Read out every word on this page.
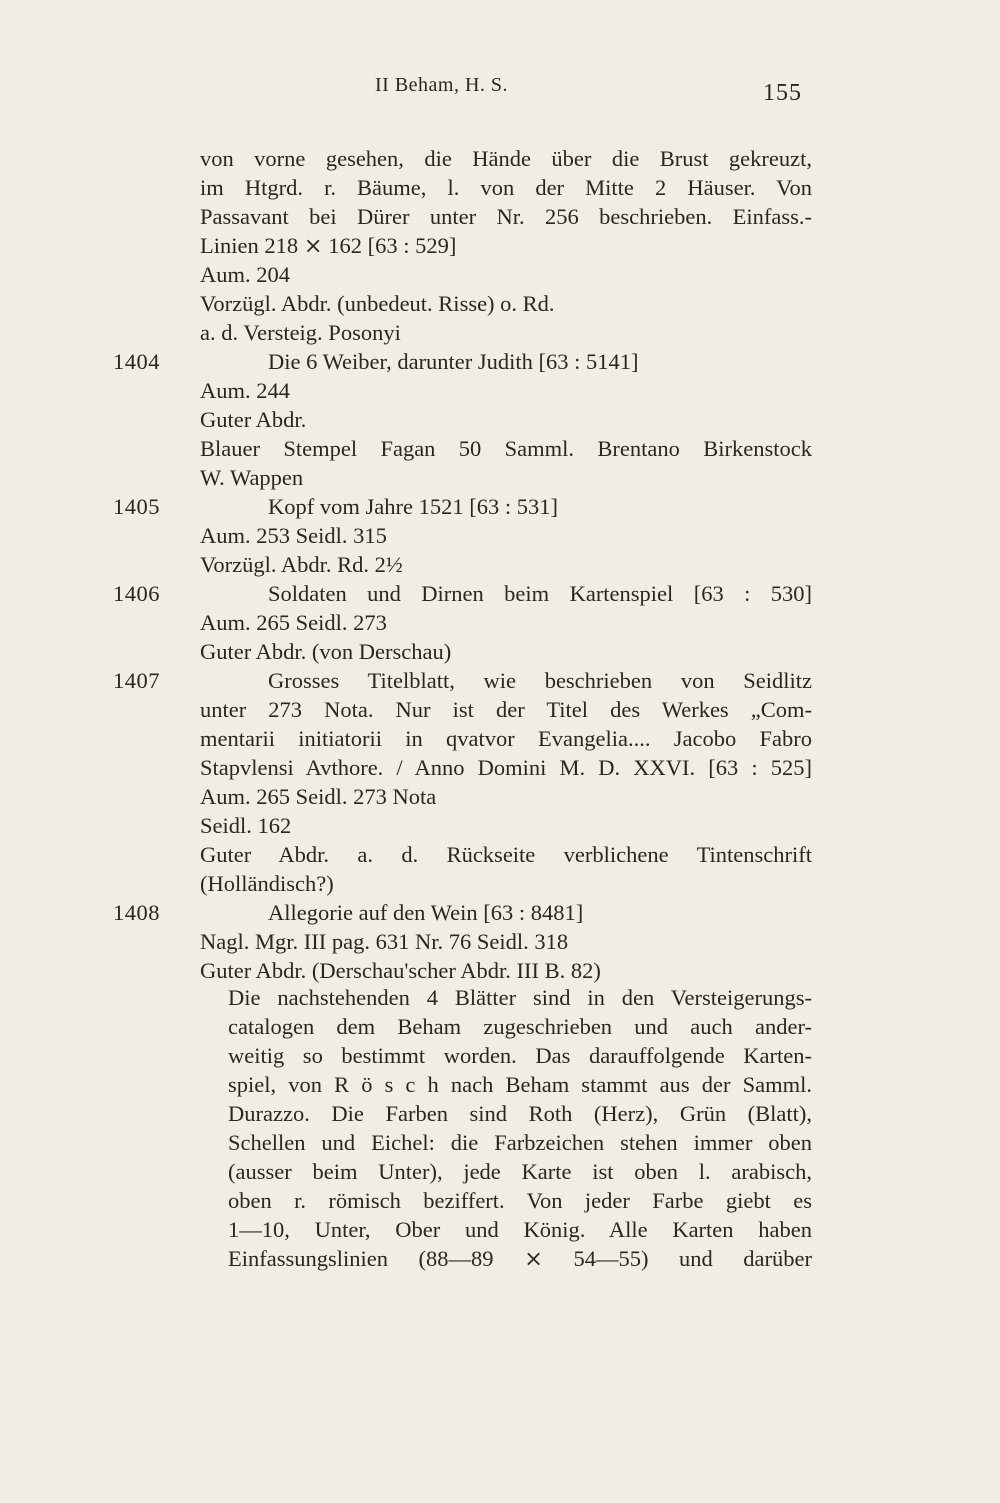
II Beham, H. S.	155
von vorne gesehen, die Hände über die Brust gekreuzt,
im Htgrd. r. Bäume, l. von der Mitte 2 Häuser. Von
Passavant bei Dürer unter Nr. 256 beschrieben. Einfass.-
Linien 218 ⨯ 162 [63 : 529]
Aum. 204
Vorzügl. Abdr. (unbedeut. Risse) o. Rd.
a. d. Versteig. Posonyi
1404	Die 6 Weiber, darunter Judith [63 : 5141]
Aum. 244
Guter Abdr.
Blauer Stempel Fagan 50 Samml. Brentano Birkenstock
W. Wappen
1405	Kopf vom Jahre 1521 [63 : 531]
Aum. 253 Seidl. 315
Vorzügl. Abdr. Rd. 2½
1406	Soldaten und Dirnen beim Kartenspiel [63 : 530]
Aum. 265 Seidl. 273
Guter Abdr. (von Derschau)
1407	Grosses Titelblatt, wie beschrieben von Seidlitz
unter 273 Nota. Nur ist der Titel des Werkes „Com-
mentarii initiatorii in qvatvor Evangelia.... Jacobo Fabro
Stapvlensi Avthore. / Anno Domini M. D. XXVI. [63 : 525]
Aum. 265 Seidl. 273 Nota
Seidl. 162
Guter Abdr. a. d. Rückseite verblichene Tintenschrift
(Holländisch?)
1408	Allegorie auf den Wein [63 : 8481]
Nagl. Mgr. III pag. 631 Nr. 76 Seidl. 318
Guter Abdr. (Derschau'scher Abdr. III B. 82)
Die nachstehenden 4 Blätter sind in den Versteigerungs-
catalogen dem Beham zugeschrieben und auch ander-
weitig so bestimmt worden. Das darauffolgende Karten-
spiel, von R ö s c h nach Beham stammt aus der Samml.
Durazzo. Die Farben sind Roth (Herz), Grün (Blatt),
Schellen und Eichel: die Farbzeichen stehen immer oben
(ausser beim Unter), jede Karte ist oben l. arabisch,
oben r. römisch beziffert. Von jeder Farbe giebt es
1—10, Unter, Ober und König. Alle Karten haben
Einfassungslinien (88—89 ⨯ 54—55) und darüber
